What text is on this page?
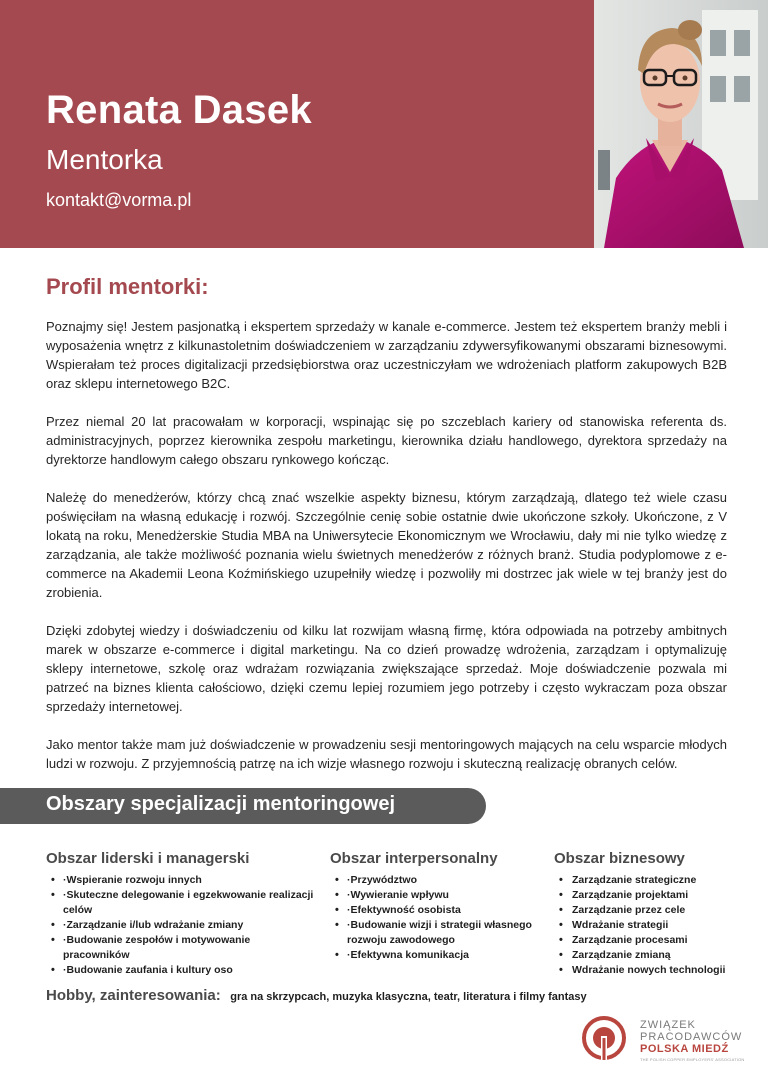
Renata Dasek
Mentorka
kontakt@vorma.pl
Profil mentorki:

Poznajmy się! Jestem pasjonatką i ekspertem sprzedaży w kanale e-commerce. Jestem też ekspertem branży mebli i wyposażenia wnętrz z kilkunastoletnim doświadczeniem w zarządzaniu zdywersyfikowanymi obszarami biznesowymi. Wspierałam też proces digitalizacji przedsiębiorstwa oraz uczestniczyłam we wdrożeniach platform zakupowych B2B oraz sklepu internetowego B2C.

Przez niemal 20 lat pracowałam w korporacji, wspinając się po szczeblach kariery od stanowiska referenta ds. administracyjnych, poprzez kierownika zespołu marketingu, kierownika działu handlowego, dyrektora sprzedaży na dyrektorze handlowym całego obszaru rynkowego kończąc.

Należę do menedżerów, którzy chcą znać wszelkie aspekty biznesu, którym zarządzają, dlatego też wiele czasu poświęciłam na własną edukację i rozwój. Szczególnie cenię sobie ostatnie dwie ukończone szkoły. Ukończone, z V lokatą na roku, Menedżerskie Studia MBA na Uniwersytecie Ekonomicznym we Wrocławiu, dały mi nie tylko wiedzę z zarządzania, ale także możliwość poznania wielu świetnych menedżerów z różnych branż. Studia podyplomowe z e-commerce na Akademii Leona Koźmińskiego uzupełniły wiedzę i pozwoliły mi dostrzec jak wiele w tej branży jest do zrobienia.

Dzięki zdobytej wiedzy i doświadczeniu od kilku lat rozwijam własną firmę, która odpowiada na potrzeby ambitnych marek w obszarze e-commerce i digital marketingu. Na co dzień prowadzę wdrożenia, zarządzam i optymalizuję sklepy internetowe, szkolę oraz wdrażam rozwiązania zwiększające sprzedaż. Moje doświadczenie pozwala mi patrzeć na biznes klienta całościowo, dzięki czemu lepiej rozumiem jego potrzeby i często wykraczam poza obszar sprzedaży internetowej.

Jako mentor także mam już doświadczenie w prowadzeniu sesji mentoringowych mających na celu wsparcie młodych ludzi w rozwoju. Z przyjemnością patrzę na ich wizje własnego rozwoju i skuteczną realizację obranych celów.

Obszary specjalizacji mentoringowej
Obszar liderski i managerski
• ·Wspieranie rozwoju innych
• ·Skuteczne delegowanie i egzekwowanie realizacji celów
• ·Zarządzanie i/lub wdrażanie zmiany
• ·Budowanie zespołów i motywowanie pracowników
• ·Budowanie zaufania i kultury oso
Obszar interpersonalny
• ·Przywództwo
• ·Wywieranie wpływu
• ·Efektywność osobista
• ·Budowanie wizji i strategii własnego rozwoju zawodowego
• ·Efektywna komunikacja
Obszar biznesowy
• Zarządzanie strategiczne
• Zarządzanie projektami
• Zarządzanie przez cele
• Wdrażanie strategii
• Zarządzanie procesami
• Zarządzanie zmianą
• Wdrażanie nowych technologii
Hobby, zainteresowania: gra na skrzypcach, muzyka klasyczna, teatr, literatura i filmy fantasy
ZWIĄZEK
PRACODAWCÓW
POLSKA MIEDŹ
THE POLISH COPPER EMPLOYERS' ASSOCIATION
